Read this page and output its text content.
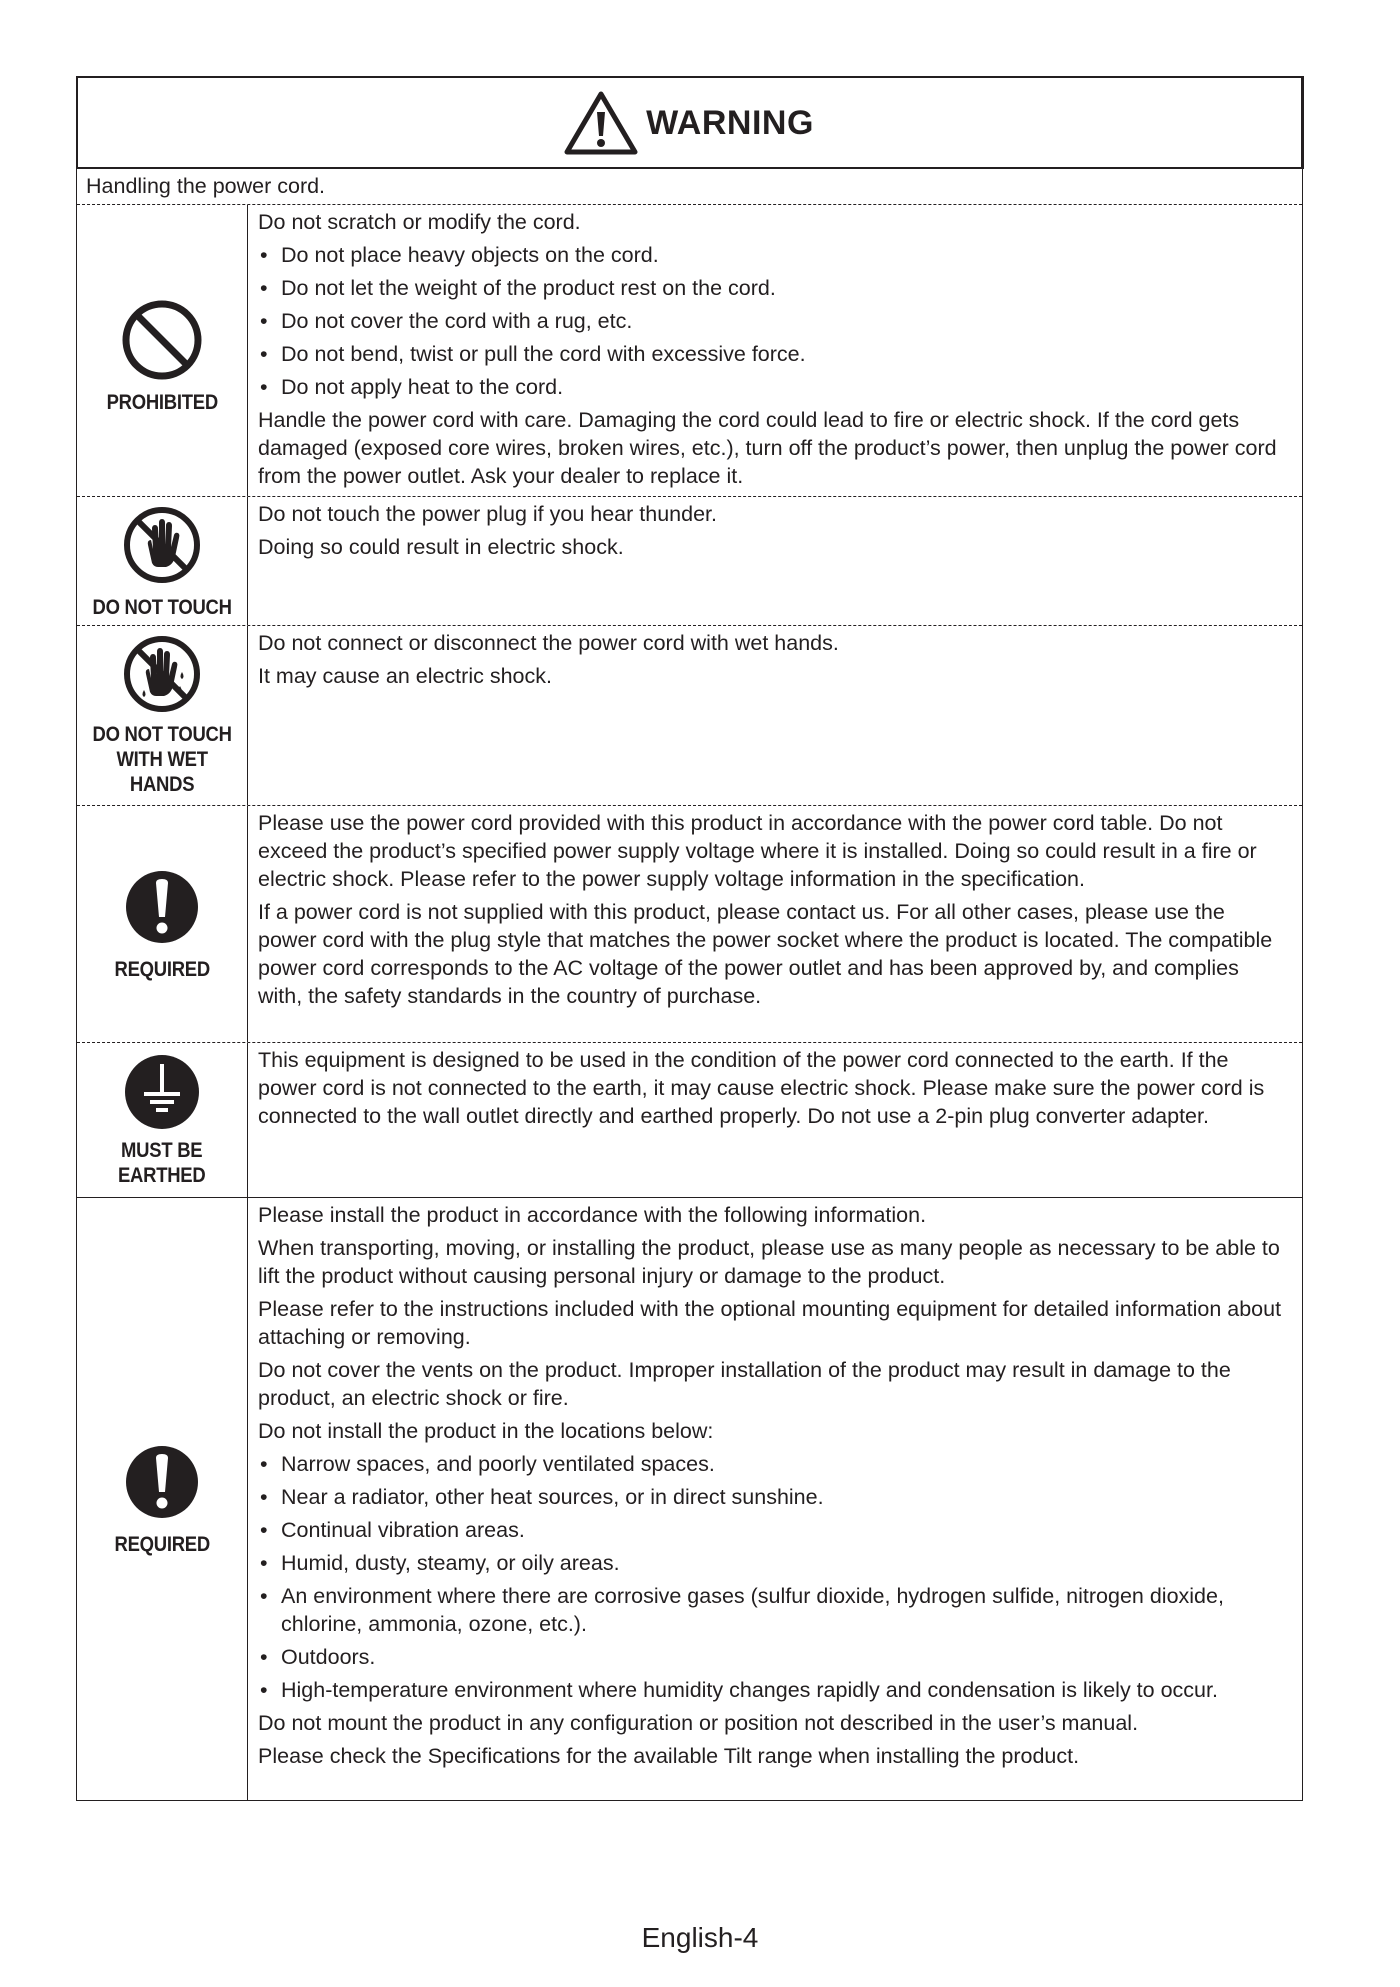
WARNING
Handling the power cord.
PROHIBITED

Do not scratch or modify the cord.

• Do not place heavy objects on the cord.
• Do not let the weight of the product rest on the cord.
• Do not cover the cord with a rug, etc.
• Do not bend, twist or pull the cord with excessive force.
• Do not apply heat to the cord.

Handle the power cord with care. Damaging the cord could lead to fire or electric shock. If the cord gets damaged (exposed core wires, broken wires, etc.), turn off the product’s power, then unplug the power cord from the power outlet. Ask your dealer to replace it.

DO NOT TOUCH

Do not touch the power plug if you hear thunder.

Doing so could result in electric shock.

DO NOT TOUCH
WITH WET
HANDS

Do not connect or disconnect the power cord with wet hands.

It may cause an electric shock.

REQUIRED

Please use the power cord provided with this product in accordance with the power cord table. Do not exceed the product’s specified power supply voltage where it is installed. Doing so could result in a fire or electric shock. Please refer to the power supply voltage information in the specification.

If a power cord is not supplied with this product, please contact us. For all other cases, please use the power cord with the plug style that matches the power socket where the product is located. The compatible power cord corresponds to the AC voltage of the power outlet and has been approved by, and complies with, the safety standards in the country of purchase.

MUST BE
EARTHED

This equipment is designed to be used in the condition of the power cord connected to the earth. If the power cord is not connected to the earth, it may cause electric shock. Please make sure the power cord is connected to the wall outlet directly and earthed properly. Do not use a 2-pin plug converter adapter.

REQUIRED

Please install the product in accordance with the following information.

When transporting, moving, or installing the product, please use as many people as necessary to be able to lift the product without causing personal injury or damage to the product.

Please refer to the instructions included with the optional mounting equipment for detailed information about attaching or removing.

Do not cover the vents on the product. Improper installation of the product may result in damage to the product, an electric shock or fire.

Do not install the product in the locations below:

• Narrow spaces, and poorly ventilated spaces.
• Near a radiator, other heat sources, or in direct sunshine.
• Continual vibration areas.
• Humid, dusty, steamy, or oily areas.
• An environment where there are corrosive gases (sulfur dioxide, hydrogen sulfide, nitrogen dioxide, chlorine, ammonia, ozone, etc.).
• Outdoors.
• High-temperature environment where humidity changes rapidly and condensation is likely to occur.

Do not mount the product in any configuration or position not described in the user’s manual.

Please check the Specifications for the available Tilt range when installing the product.

English-4
